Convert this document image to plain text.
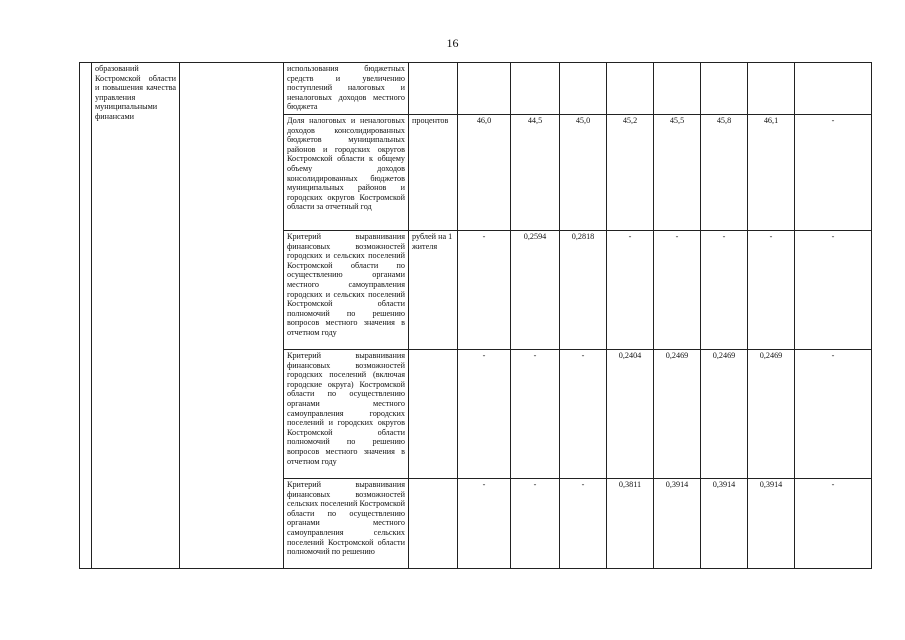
16
	образований Костромской области и повышения качества управления муниципальными финансами		использования бюджетных средств и увеличению поступлений налоговых и неналоговых доходов местного бюджета									
			Доля налоговых и неналоговых доходов консолидированных бюджетов муниципальных районов и городских округов Костромской области к общему объему доходов консолидированных бюджетов муниципальных районов и городских округов Костромской области за отчетный год	процентов	46,0	44,5	45,0	45,2	45,5	45,8	46,1	-
			Критерий выравнивания финансовых возможностей городских и сельских поселений Костромской области по осуществлению органами местного самоуправления городских и сельских поселений Костромской области полномочий по решению вопросов местного значения в отчетном году	рублей на 1 жителя	-	0,2594	0,2818	-	-	-	-	-
			Критерий выравнивания финансовых возможностей городских поселений (включая городские округа) Костромской области по осуществлению органами местного самоуправления городских поселений и городских округов Костромской области полномочий по решению вопросов местного значения в отчетном году		-	-	-	0,2404	0,2469	0,2469	0,2469	-
			Критерий выравнивания финансовых возможностей сельских поселений Костромской области по осуществлению органами местного самоуправления сельских поселений Костромской области полномочий по решению		-	-	-	0,3811	0,3914	0,3914	0,3914	-
